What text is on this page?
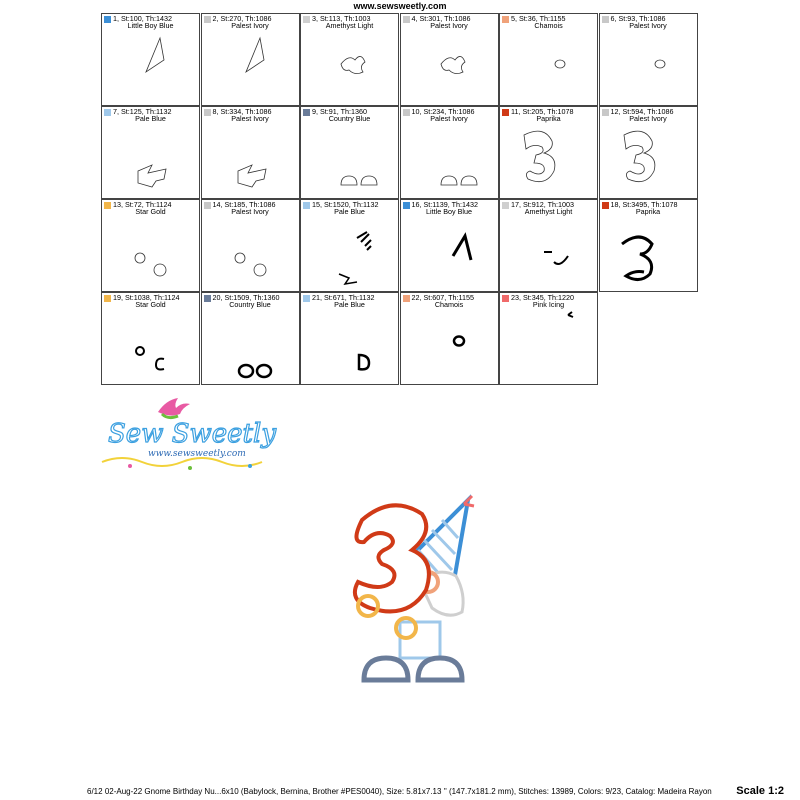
www.sewsweetly.com
1, St:100, Th:1432
Little Boy Blue
2, St:270, Th:1086
Palest Ivory
3, St:113, Th:1003
Amethyst Light
4, St:301, Th:1086
Palest Ivory
5, St:36, Th:1155
Chamois
6, St:93, Th:1086
Palest Ivory
7, St:125, Th:1132
Pale Blue
8, St:334, Th:1086
Palest Ivory
9, St:91, Th:1360
Country Blue
10, St:234, Th:1086
Palest Ivory
11, St:205, Th:1078
Paprika
12, St:594, Th:1086
Palest Ivory
13, St:72, Th:1124
Star Gold
14, St:185, Th:1086
Palest Ivory
15, St:1520, Th:1132
Pale Blue
16, St:1139, Th:1432
Little Boy Blue
17, St:912, Th:1003
Amethyst Light
18, St:3495, Th:1078
Paprika
19, St:1038, Th:1124
Star Gold
20, St:1509, Th:1360
Country Blue
21, St:671, Th:1132
Pale Blue
22, St:607, Th:1155
Chamois
23, St:345, Th:1220
Pink Icing
Sew Sweetly
www.sewsweetly.com
6/12 02-Aug-22 Gnome Birthday Nu...6x10 (Babylock, Bernina, Brother #PES0040), Size: 5.81x7.13 '' (147.7x181.2 mm), Stitches: 13989, Colors: 9/23, Catalog: Madeira Rayon Scale 1:2
